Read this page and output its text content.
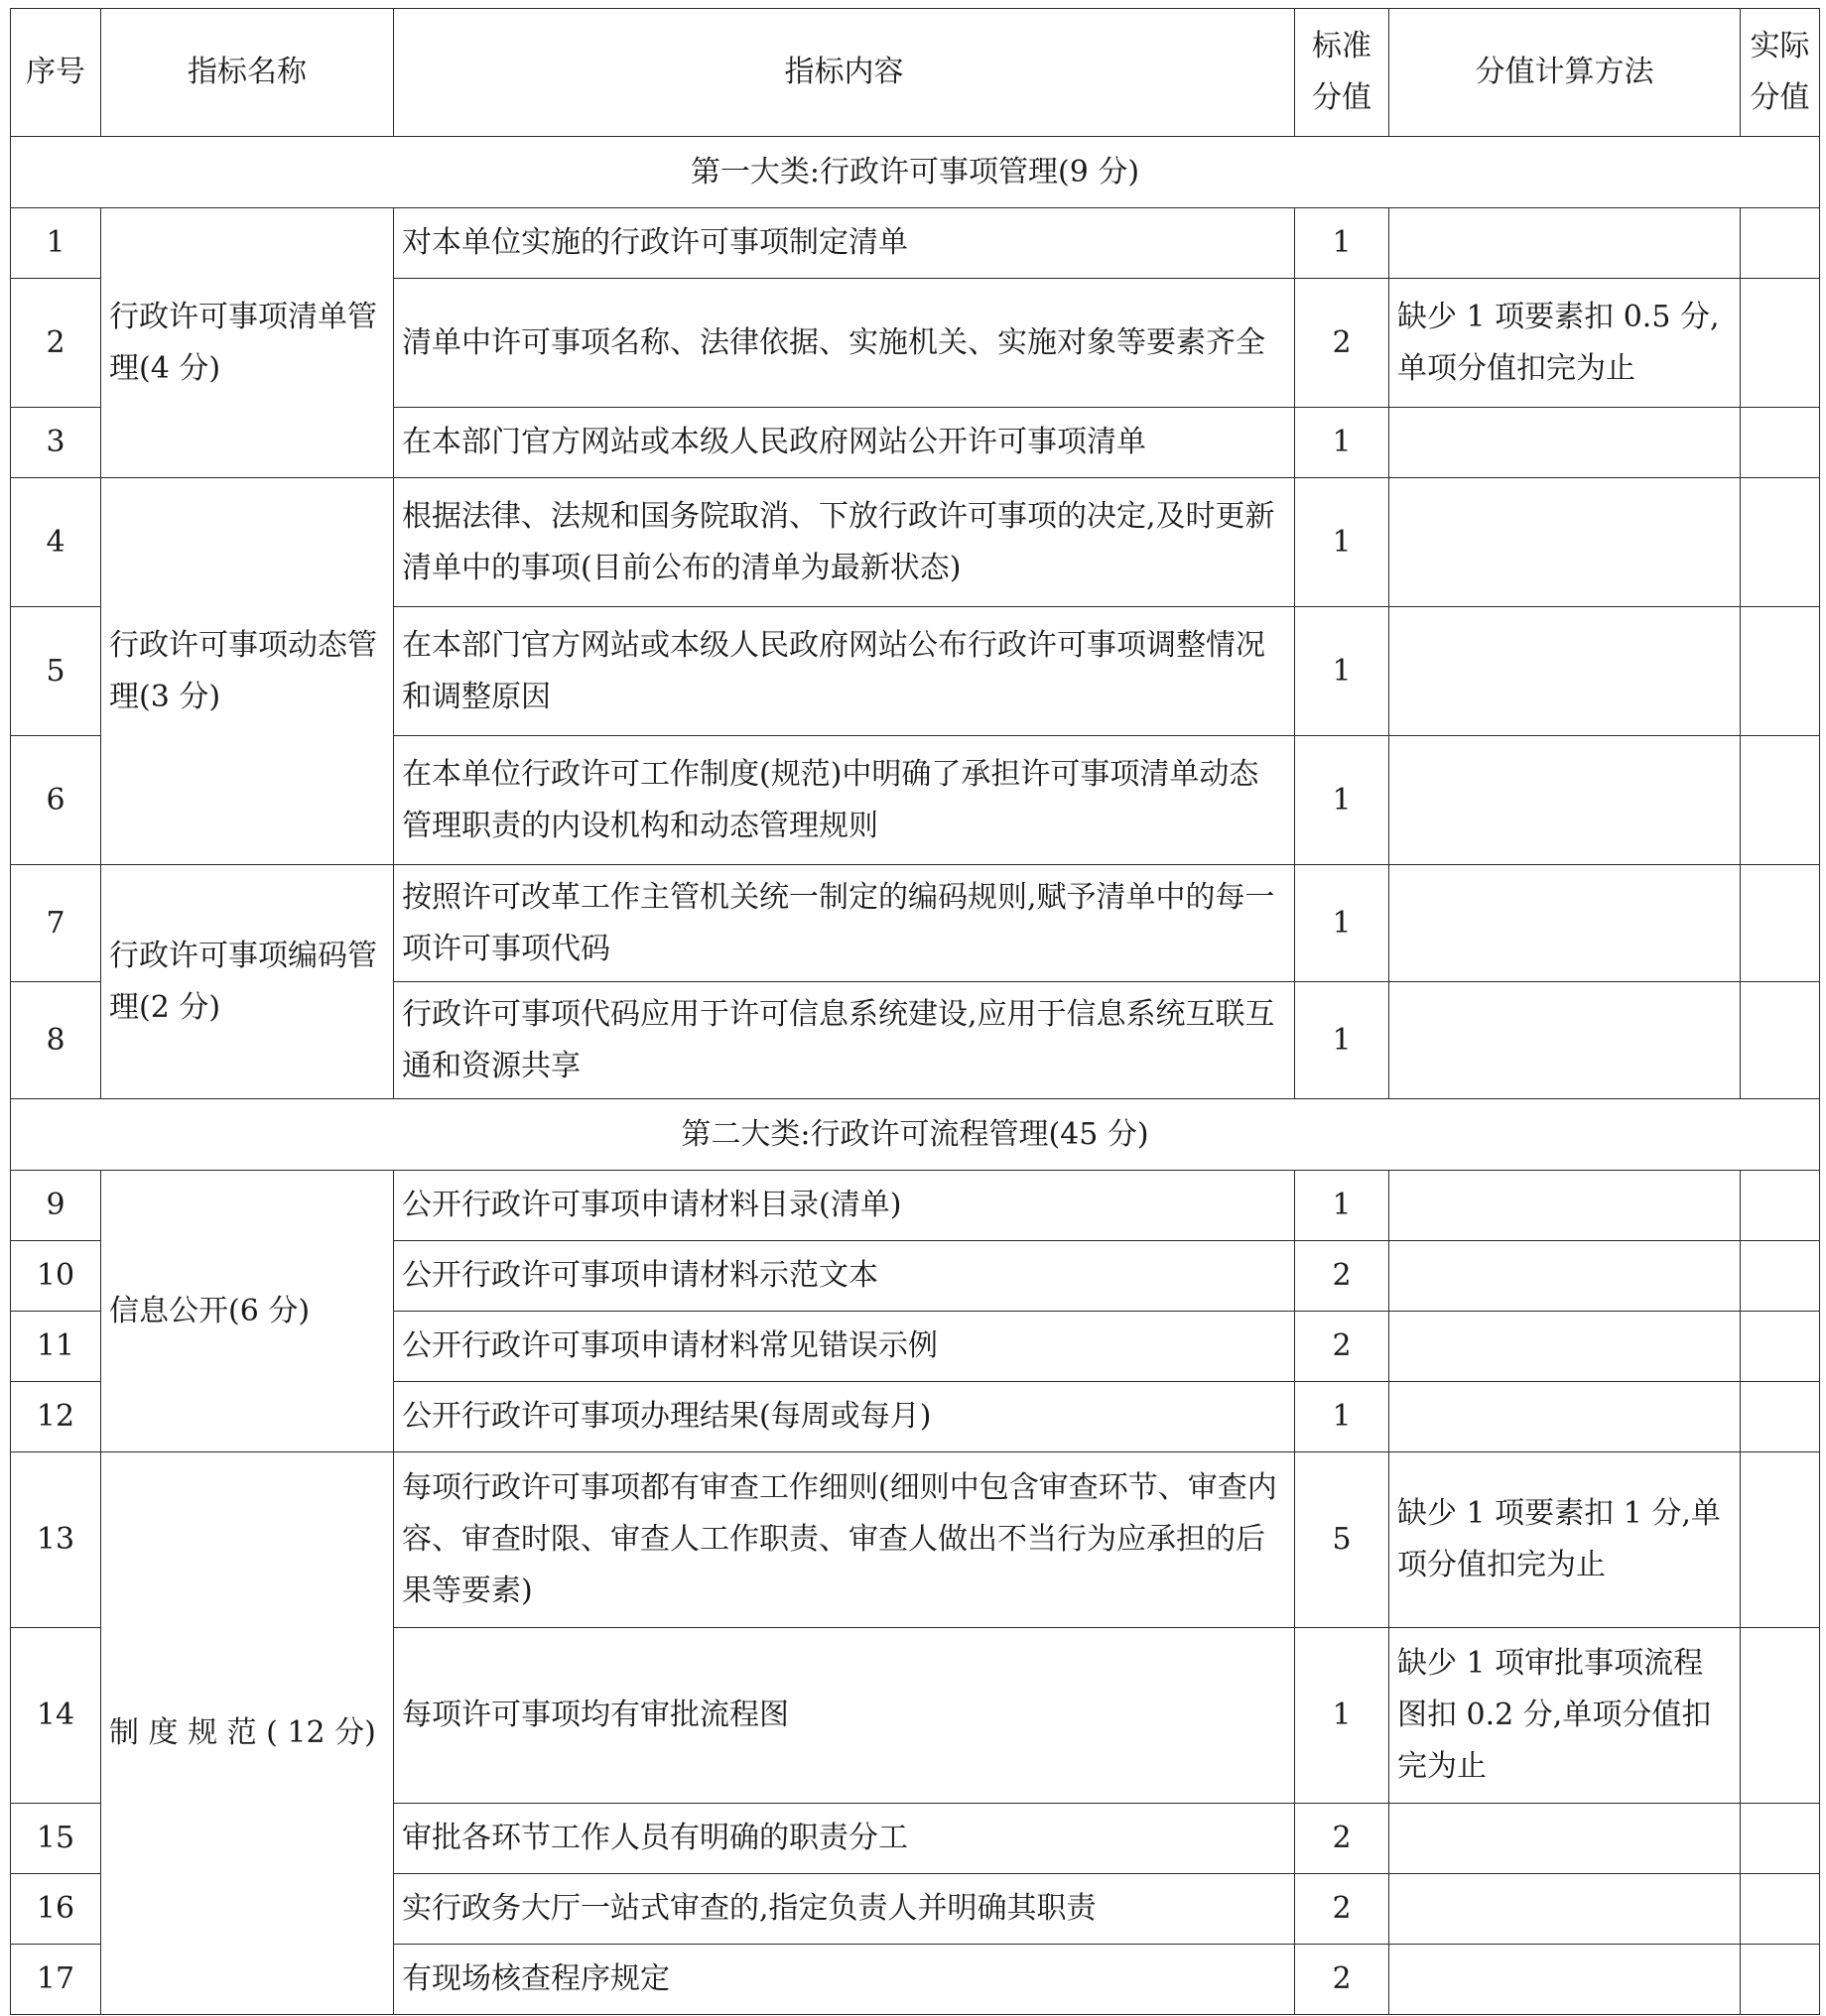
序号	指标名称	指标内容	标准分值	分值计算方法	实际分值
第一大类:行政许可事项管理(9 分)					
1	行政许可事项清单管理(4 分)	对本单位实施的行政许可事项制定清单	1		
2		清单中许可事项名称、法律依据、实施机关、实施对象等要素齐全	2	缺少 1 项要素扣 0.5 分,单项分值扣完为止	
3		在本部门官方网站或本级人民政府网站公开许可事项清单	1		
4	行政许可事项动态管理(3 分)	根据法律、法规和国务院取消、下放行政许可事项的决定,及时更新清单中的事项(目前公布的清单为最新状态)	1		
5		在本部门官方网站或本级人民政府网站公布行政许可事项调整情况和调整原因	1		
6		在本单位行政许可工作制度(规范)中明确了承担许可事项清单动态管理职责的内设机构和动态管理规则	1		
7	行政许可事项编码管理(2 分)	按照许可改革工作主管机关统一制定的编码规则,赋予清单中的每一项许可事项代码	1		
8		行政许可事项代码应用于许可信息系统建设,应用于信息系统互联互通和资源共享	1		
第二大类:行政许可流程管理(45 分)					
9	信息公开(6 分)	公开行政许可事项申请材料目录(清单)	1		
10		公开行政许可事项申请材料示范文本	2		
11		公开行政许可事项申请材料常见错误示例	2		
12		公开行政许可事项办理结果(每周或每月)	1		
13	制 度 规 范 ( 12 分)	每项行政许可事项都有审查工作细则(细则中包含审查环节、审查内容、审查时限、审查人工作职责、审查人做出不当行为应承担的后果等要素)	5	缺少 1 项要素扣 1 分,单项分值扣完为止	
14		每项许可事项均有审批流程图	1	缺少 1 项审批事项流程图扣 0.2 分,单项分值扣完为止	
15		审批各环节工作人员有明确的职责分工	2		
16		实行政务大厅一站式审查的,指定负责人并明确其职责	2		
17		有现场核查程序规定	2		
